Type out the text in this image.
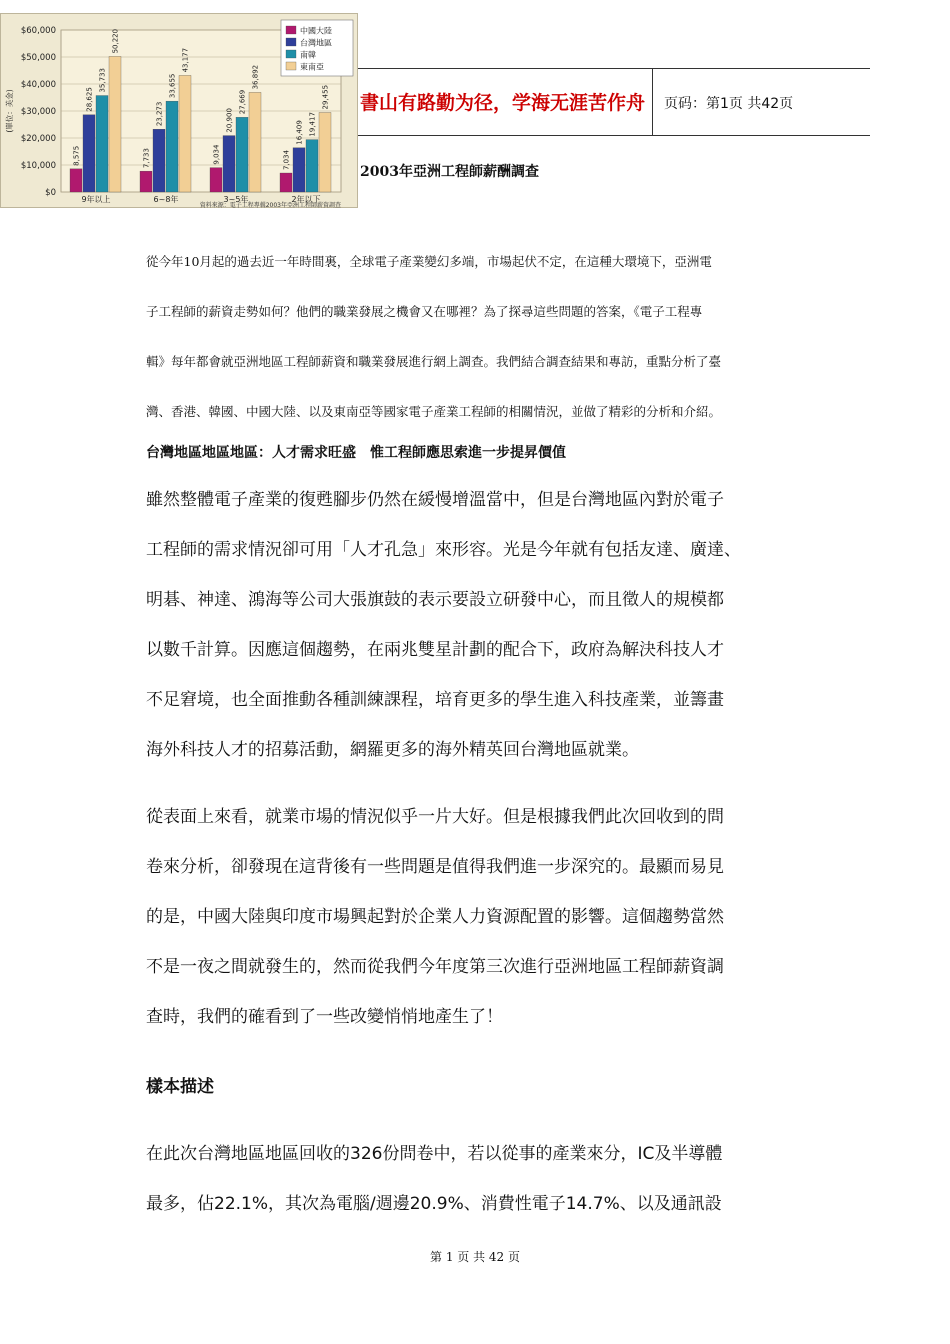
書山有路勤为径，学海无涯苦作舟 页码：第1页 共42页
$0
$10,000
$20,000
$30,000
$40,000
$50,000
$60,000
(單位：美金)
8,575
28,625
35,733
50,220
9年以上
7,733
23,273
33,655
43,177
6~8年
9,034
20,900
27,669
36,892
3~5年
7,034
16,409 19,417
29,455
2年以下
中國大陸
台灣地區
南韓
東南亞
資料來源：電子工程專輯2003年亞洲工程師薪資調查
2003年亞洲工程師薪酬調查
從今年10月起的過去近一年時間裏，全球電子產業變幻多端，市場起伏不定，在這種大環境下，亞洲電
子工程師的薪資走勢如何？他們的職業發展之機會又在哪裡？為了探尋這些問題的答案，《電子工程專
輯》每年都會就亞洲地區工程師薪資和職業發展進行網上調查。我們結合調查結果和專訪，重點分析了臺
灣、香港、韓國、中國大陸、以及東南亞等國家電子產業工程師的相關情況，並做了精彩的分析和介紹。
台灣地區地區地區：人才需求旺盛　惟工程師應思索進一步提昇價值
雖然整體電子產業的復甦腳步仍然在緩慢增溫當中，但是台灣地區內對於電子
工程師的需求情況卻可用「人才孔急」來形容。光是今年就有包括友達、廣達、
明碁、神達、鴻海等公司大張旗鼓的表示要設立研發中心，而且徵人的規模都
以數千計算。因應這個趨勢，在兩兆雙星計劃的配合下，政府為解決科技人才
不足窘境，也全面推動各種訓練課程，培育更多的學生進入科技產業，並籌畫
海外科技人才的招募活動，網羅更多的海外精英回台灣地區就業。
從表面上來看，就業市場的情況似乎一片大好。但是根據我們此次回收到的問
卷來分析，卻發現在這背後有一些問題是值得我們進一步深究的。最顯而易見
的是，中國大陸與印度市場興起對於企業人力資源配置的影響。這個趨勢當然
不是一夜之間就發生的，然而從我們今年度第三次進行亞洲地區工程師薪資調
查時，我們的確看到了一些改變悄悄地產生了！
樣本描述
在此次台灣地區地區回收的326份問卷中，若以從事的產業來分，IC及半導體
最多，佔22.1%，其次為電腦/週邊20.9%、消費性電子14.7%、以及通訊設
第 1 页 共 42 页
